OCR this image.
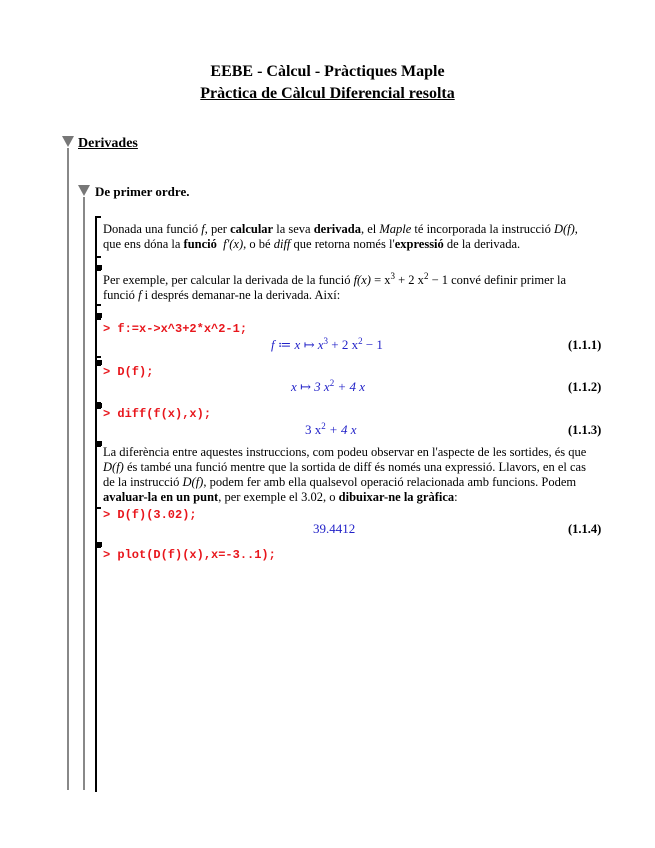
EEBE - Càlcul - Pràctiques Maple
Pràctica de Càlcul Diferencial resolta
Derivades
De primer ordre.
Donada una funció f, per calcular la seva derivada, el Maple té incorporada la instrucció D(f),
que ens dóna la funció f'(x), o bé diff que retorna només l'expressió de la derivada.
Per exemple, per calcular la derivada de la funció $f(x) = x^3 + 2$ $x^2 - 1$ convé definir primer la
funció f i després demanar-ne la derivada. Així:
> f:=x->x^3+2*x^2-1;
f ≔ x ↦ $x^3 + 2$ $x^2 - 1$	(1.1.1)
> D(f);
x ↦ 3 $x^2 + 4$ x	(1.1.2)
> diff(f(x),x);
3 $x^2 + 4$ x	(1.1.3)
La diferència entre aquestes instruccions, com podeu observar en l'aspecte de les sortides, és que
D(f) és també una funció mentre que la sortida de diff és només una expressió. Llavors, en el cas
de la instrucció D(f), podem fer amb ella qualsevol operació relacionada amb funcions. Podem
avaluar-la en un punt, per exemple el 3.02, o dibuixar-ne la gràfica:
> D(f)(3.02);
39.4412	(1.1.4)
> plot(D(f)(x),x=-3..1);
